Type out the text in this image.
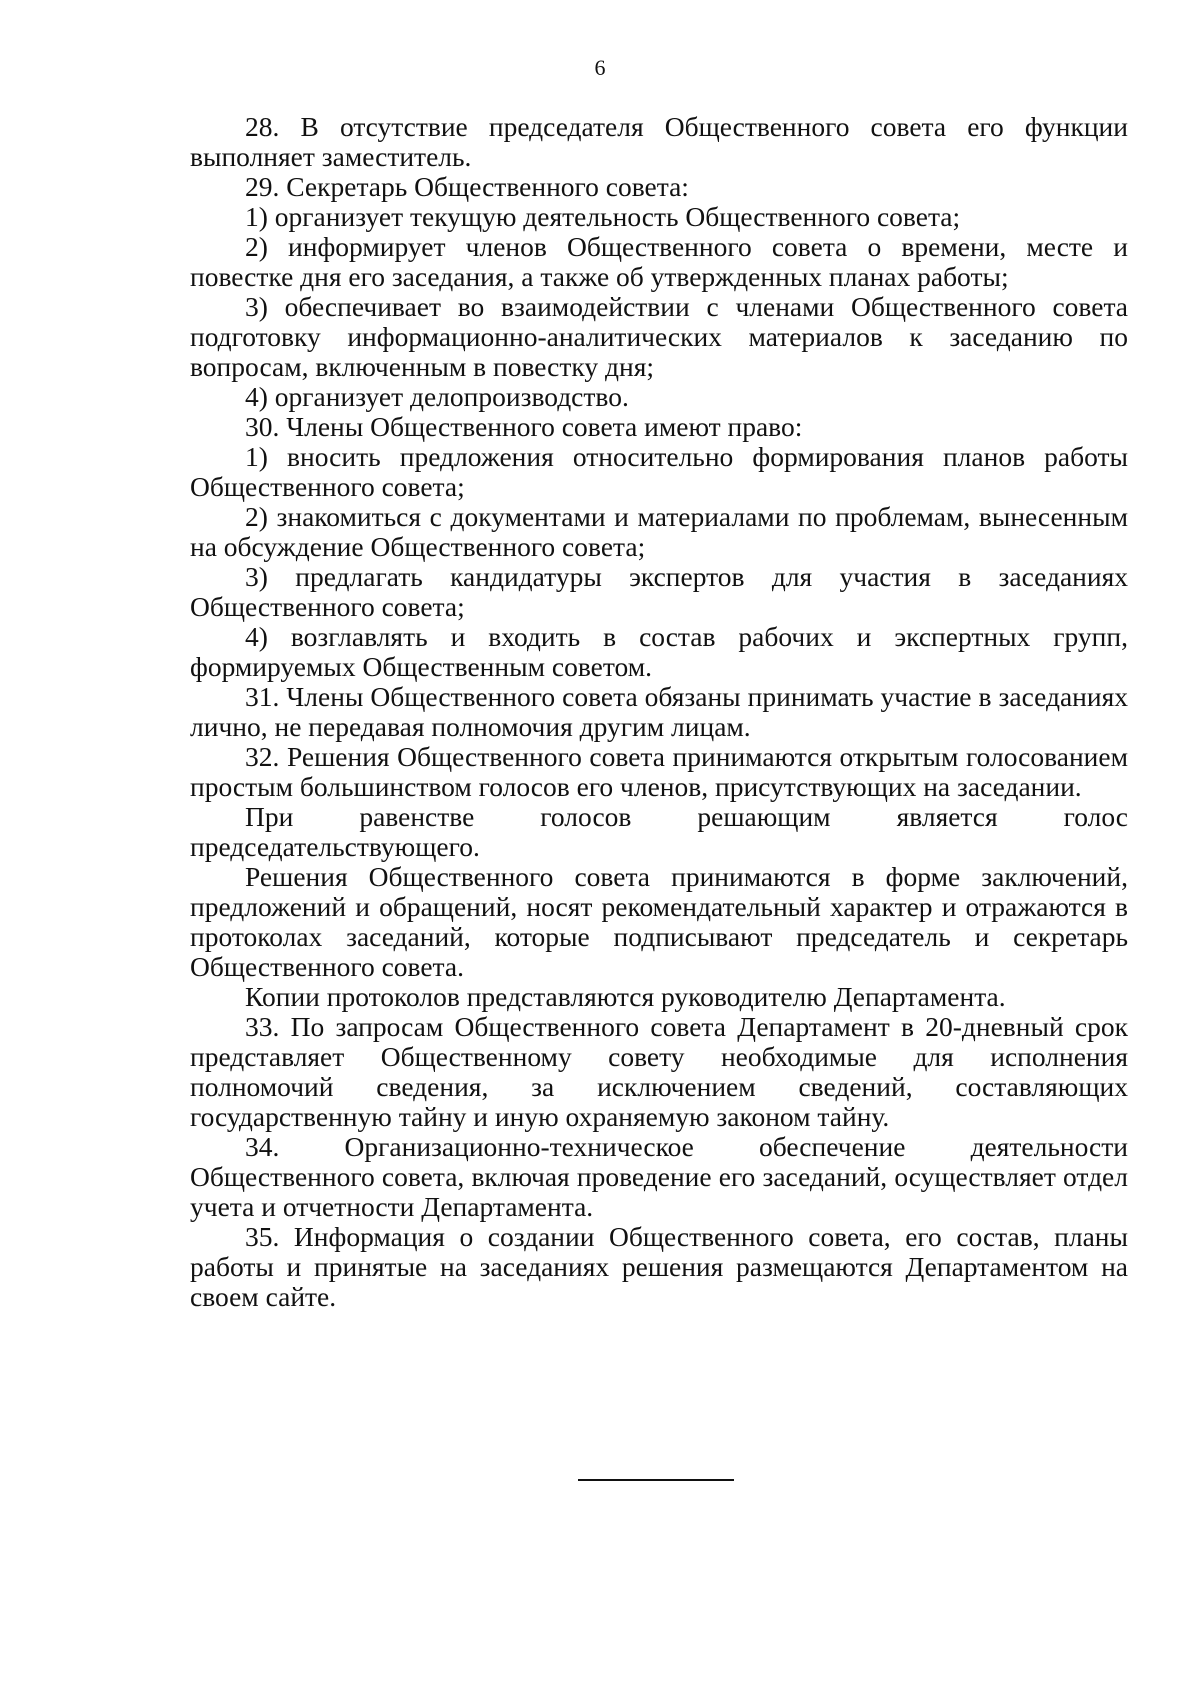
6

28. В отсутствие председателя Общественного совета его функции выполняет заместитель.

29. Секретарь Общественного совета:

1) организует текущую деятельность Общественного совета;

2) информирует членов Общественного совета о времени, месте и повестке дня его заседания, а также об утвержденных планах работы;

3) обеспечивает во взаимодействии с членами Общественного совета подготовку информационно-аналитических материалов к заседанию по вопросам, включенным в повестку дня;

4) организует делопроизводство.

30. Члены Общественного совета имеют право:

1) вносить предложения относительно формирования планов работы Общественного совета;

2) знакомиться с документами и материалами по проблемам, вынесенным на обсуждение Общественного совета;

3) предлагать кандидатуры экспертов для участия в заседаниях Общественного совета;

4) возглавлять и входить в состав рабочих и экспертных групп, формируемых Общественным советом.

31. Члены Общественного совета обязаны принимать участие в заседаниях лично, не передавая полномочия другим лицам.

32. Решения Общественного совета принимаются открытым голосованием простым большинством голосов его членов, присутствующих на заседании.

При равенстве голосов решающим является голос председательствующего.

Решения Общественного совета принимаются в форме заключений, предложений и обращений, носят рекомендательный характер и отражаются в протоколах заседаний, которые подписывают председатель и секретарь Общественного совета.

Копии протоколов представляются руководителю Департамента.

33. По запросам Общественного совета Департамент в 20-дневный срок представляет Общественному совету необходимые для исполнения полномочий сведения, за исключением сведений, составляющих государственную тайну и иную охраняемую законом тайну.

34. Организационно-техническое обеспечение деятельности Общественного совета, включая проведение его заседаний, осуществляет отдел учета и отчетности Департамента.

35. Информация о создании Общественного совета, его состав, планы работы и принятые на заседаниях решения размещаются Департаментом на своем сайте.
